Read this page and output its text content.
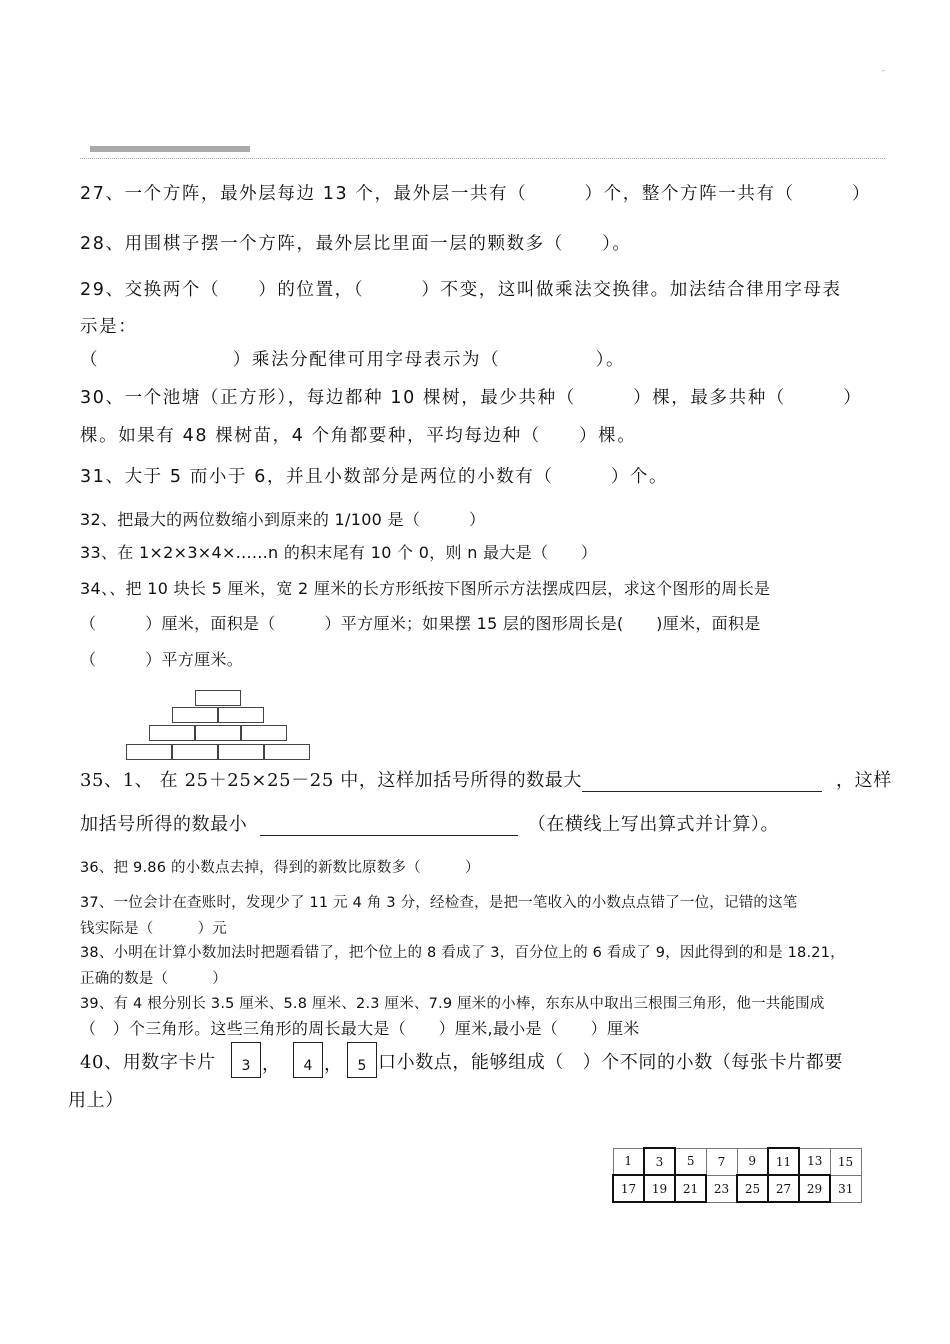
ˉ
27、一个方阵，最外层每边 13 个，最外层一共有（　　　）个，整个方阵一共有（　　　）
28、用围棋子摆一个方阵，最外层比里面一层的颗数多（　　）。
29、交换两个（　　）的位置，（　　　）不变，这叫做乘法交换律。加法结合律用字母表
示是：
（　　　　　　　）乘法分配律可用字母表示为（　　　　　）。
30、一个池塘（正方形），每边都种 10 棵树，最少共种（　　　）棵，最多共种（　　　）
棵。如果有 48 棵树苗，4 个角都要种，平均每边种（　　）棵。
31、大于 5 而小于 6，并且小数部分是两位的小数有（　　　）个。
32、把最大的两位数缩小到原来的 1/100 是（　　　）
33、在 1×2×3×4×......n 的积末尾有 10 个 0，则 n 最大是（　　）
34、、把 10 块长 5 厘米，宽 2 厘米的长方形纸按下图所示方法摆成四层，求这个图形的周长是
（　　　）厘米，面积是（　　　）平方厘米；如果摆 15 层的图形周长是(　　)厘米，面积是
（　　　）平方厘米。
35、1、 在 25＋25×25－25 中，这样加括号所得的数最大	，这样
加括号所得的数最小	（在横线上写出算式并计算）。
36、把 9.86 的小数点去掉，得到的新数比原数多（　　　）
37、一位会计在查账时，发现少了 11 元 4 角 3 分，经检查，是把一笔收入的小数点点错了一位，记错的这笔
钱实际是（　　　）元
38、小明在计算小数加法时把题看错了，把个位上的 8 看成了 3，百分位上的 6 看成了 9，因此得到的和是 18.21，
正确的数是（　　　）
39、有 4 根分别长 3.5 厘米、5.8 厘米、2.3 厘米、7.9 厘米的小棒，东东从中取出三根围三角形，他一共能围成
（　）个三角形。这些三角形的周长最大是（　　）厘米,最小是（　　）厘米
40、用数字卡片	3 ，	4 ，	5 口小数点，能够组成（　）个不同的小数（每张卡片都要
用上）
1	3	5	7	9	11	13	15
17	19	21	23	25	27	29	31
